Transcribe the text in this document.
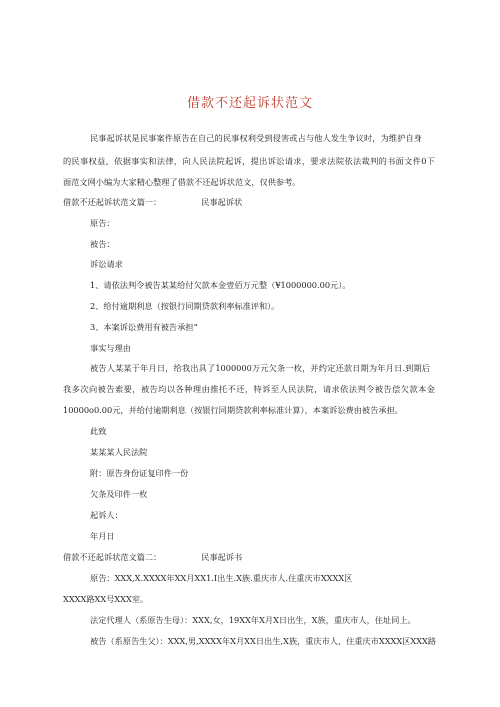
借款不还起诉状范文
民事起诉状是民事案件原告在自己的民事权利受到侵害或占与他人发生争议时，为维护自身
的民事权益，依据事实和法律，向人民法院起诉，提出诉讼请求，要求法院依法裁判的书面文件0下
面范文网小编为大家精心整理了借款不还起诉状范文，仅供参考。
借款不还起诉状范文篇一：	民事起诉状
原告：
被告：
诉讼请求
1、请依法判令被告某某给付欠款本金壹佰万元整（¥1000000.00元）。
2、给付逾期利息（按银行同期贷款利率标准评和）。
3、本案诉讼费用有被告承担“
事实与理由
被告人某某于年月日，给我出具了1000000万元欠条一枚，并约定还款日期为年月日.到期后
我多次向被告索要，被告均以各种理由推托不还，特诉至人民法院，请求依法判令被告偿欠款本金
10000o0.00元，并给付逾期利息（按银行同期贷款利率标准计算），本案诉讼费由被告承担。
此致
某某某人民法院
附：原告身份证复印件一份
欠条及印件一枚
起诉人：
年月日
借款不还起诉状范文篇二：	民事起诉书
原告：XXX,X.XXXX年XX月XX1.I出生.X族.重庆市人.住重庆市XXXX区
XXXX路XX号XXX室。
法定代理人（系原告生母）：XXX,女，19XX年X月X日出生，X族，重庆市人，住址同上。
被告（系原告生父）：XXX,男,XXXX年X月XX日出生,X族，重庆市人，住重庆市XXXX区XXX路
